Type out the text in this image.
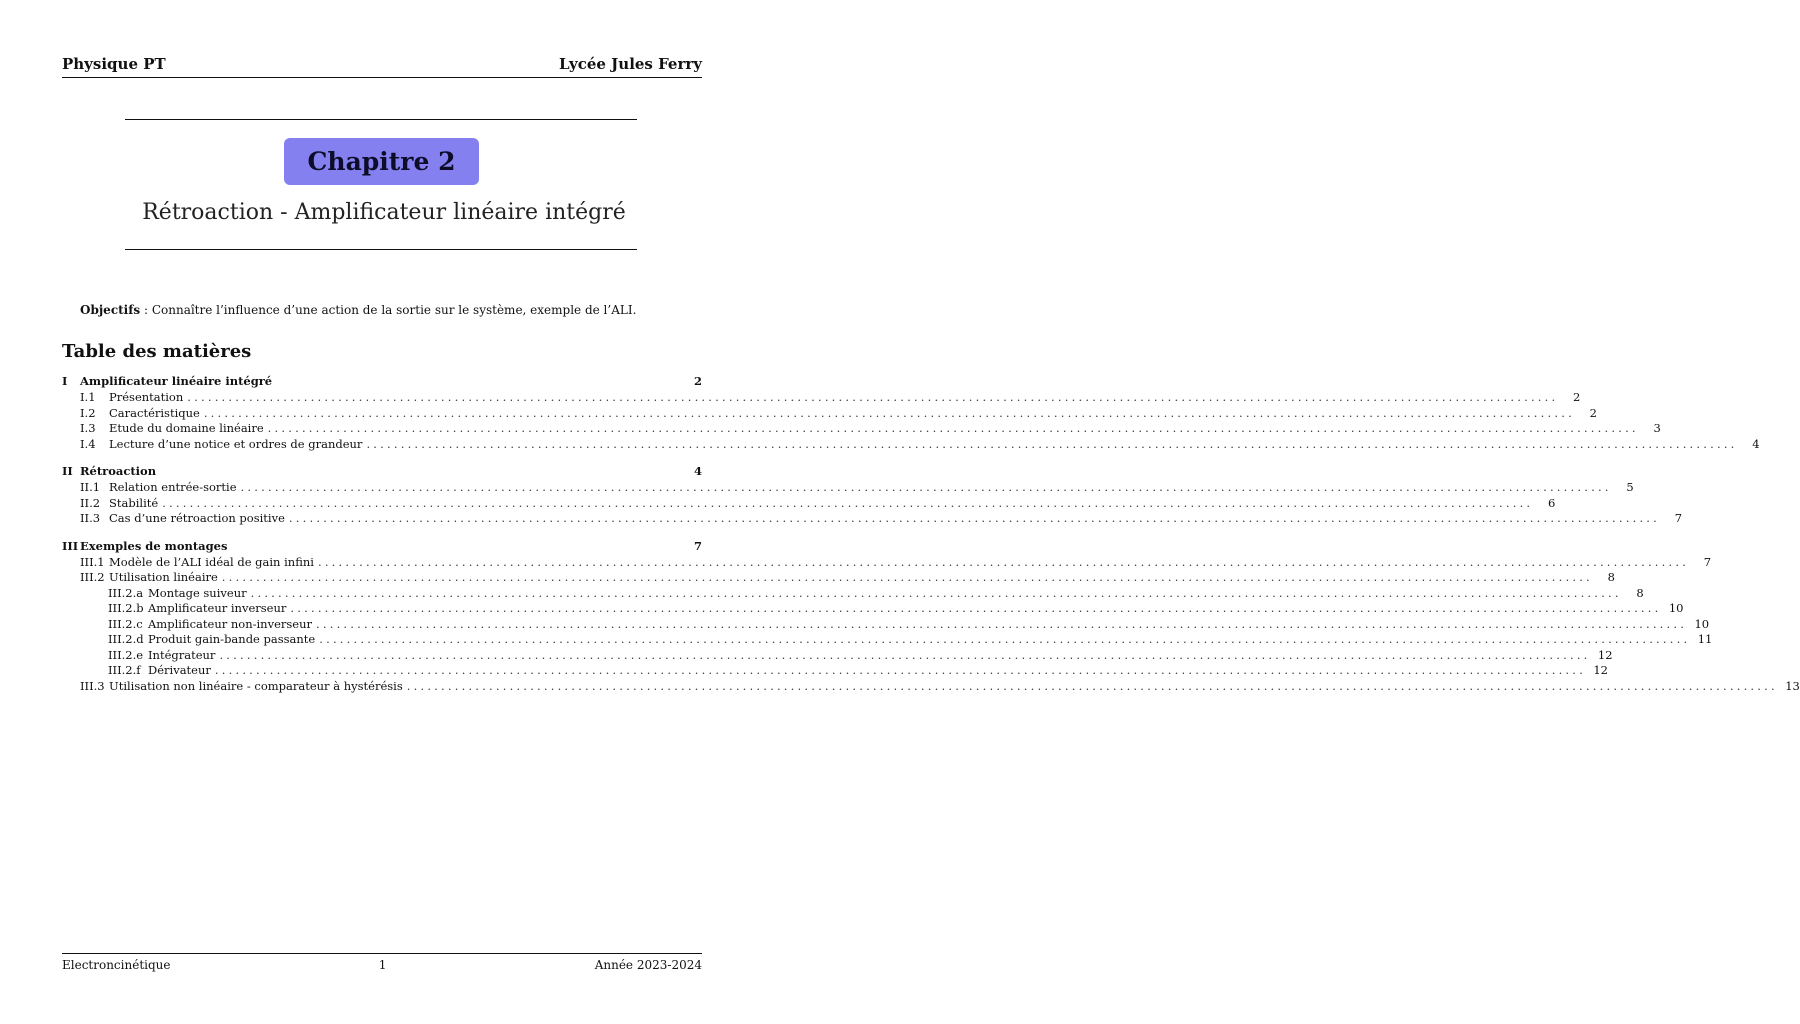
Physique PT	Lycée Jules Ferry
Chapitre 2
Rétroaction - Amplificateur linéaire intégré
Objectifs : Connaître l’influence d’une action de la sortie sur le système, exemple de l’ALI.
Table des matières
I	Amplificateur linéaire intégré	2
I.1	Présentation ........................................................................................................................................................................................................	2
I.2	Caractéristique ........................................................................................................................................................................................................	2
I.3	Etude du domaine linéaire ........................................................................................................................................................................................................	3
I.4	Lecture d’une notice et ordres de grandeur ........................................................................................................................................................................................................	4
II Rétroaction	4
II.1 Relation entrée-sortie ........................................................................................................................................................................................................	5
II.2 Stabilité ........................................................................................................................................................................................................	6
II.3 Cas d’une rétroaction positive ........................................................................................................................................................................................................	7
III Exemples de montages	7
III.1 Modèle de l’ALI idéal de gain infini ........................................................................................................................................................................................................	7
III.2 Utilisation linéaire ........................................................................................................................................................................................................	8
III.2.a Montage suiveur ........................................................................................................................................................................................................	8
III.2.b Amplificateur inverseur ........................................................................................................................................................................................................ 10
III.2.c Amplificateur non-inverseur ........................................................................................................................................................................................................ 10
III.2.d Produit gain-bande passante ........................................................................................................................................................................................................ 11
III.2.e Intégrateur ........................................................................................................................................................................................................ 12
III.2.f Dérivateur ........................................................................................................................................................................................................ 12
III.3 Utilisation non linéaire - comparateur à hystérésis ........................................................................................................................................................................................................ 13
Electroncinétique	1	Année 2023-2024
